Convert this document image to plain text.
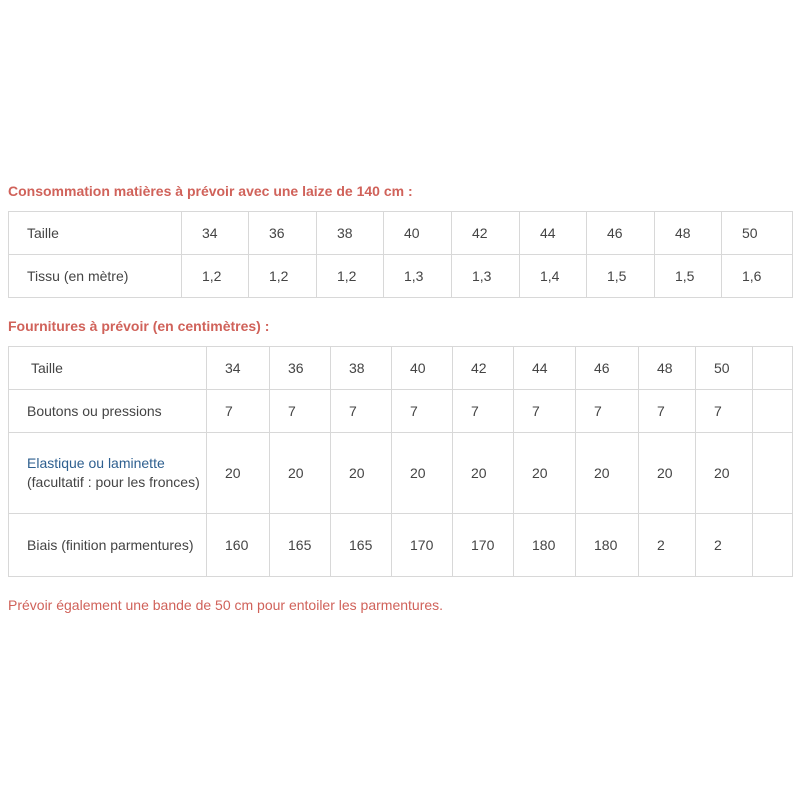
Consommation matières à prévoir avec une laize de 140 cm :
Taille	34	36	38	40	42	44	46	48	50
Tissu (en mètre)	1,2	1,2	1,2	1,3	1,3	1,4	1,5	1,5	1,6
Fournitures à prévoir (en centimètres) :
Taille	34	36	38	40	42	44	46	48	50	
Boutons ou pressions	7	7	7	7	7	7	7	7	7	
Elastique ou laminette
(facultatif : pour les fronces)	20	20	20	20	20	20	20	20	20	
Biais (finition parmentures)	160	165	165	170	170	180	180	2	2	
Prévoir également une bande de 50 cm pour entoiler les parmentures.
